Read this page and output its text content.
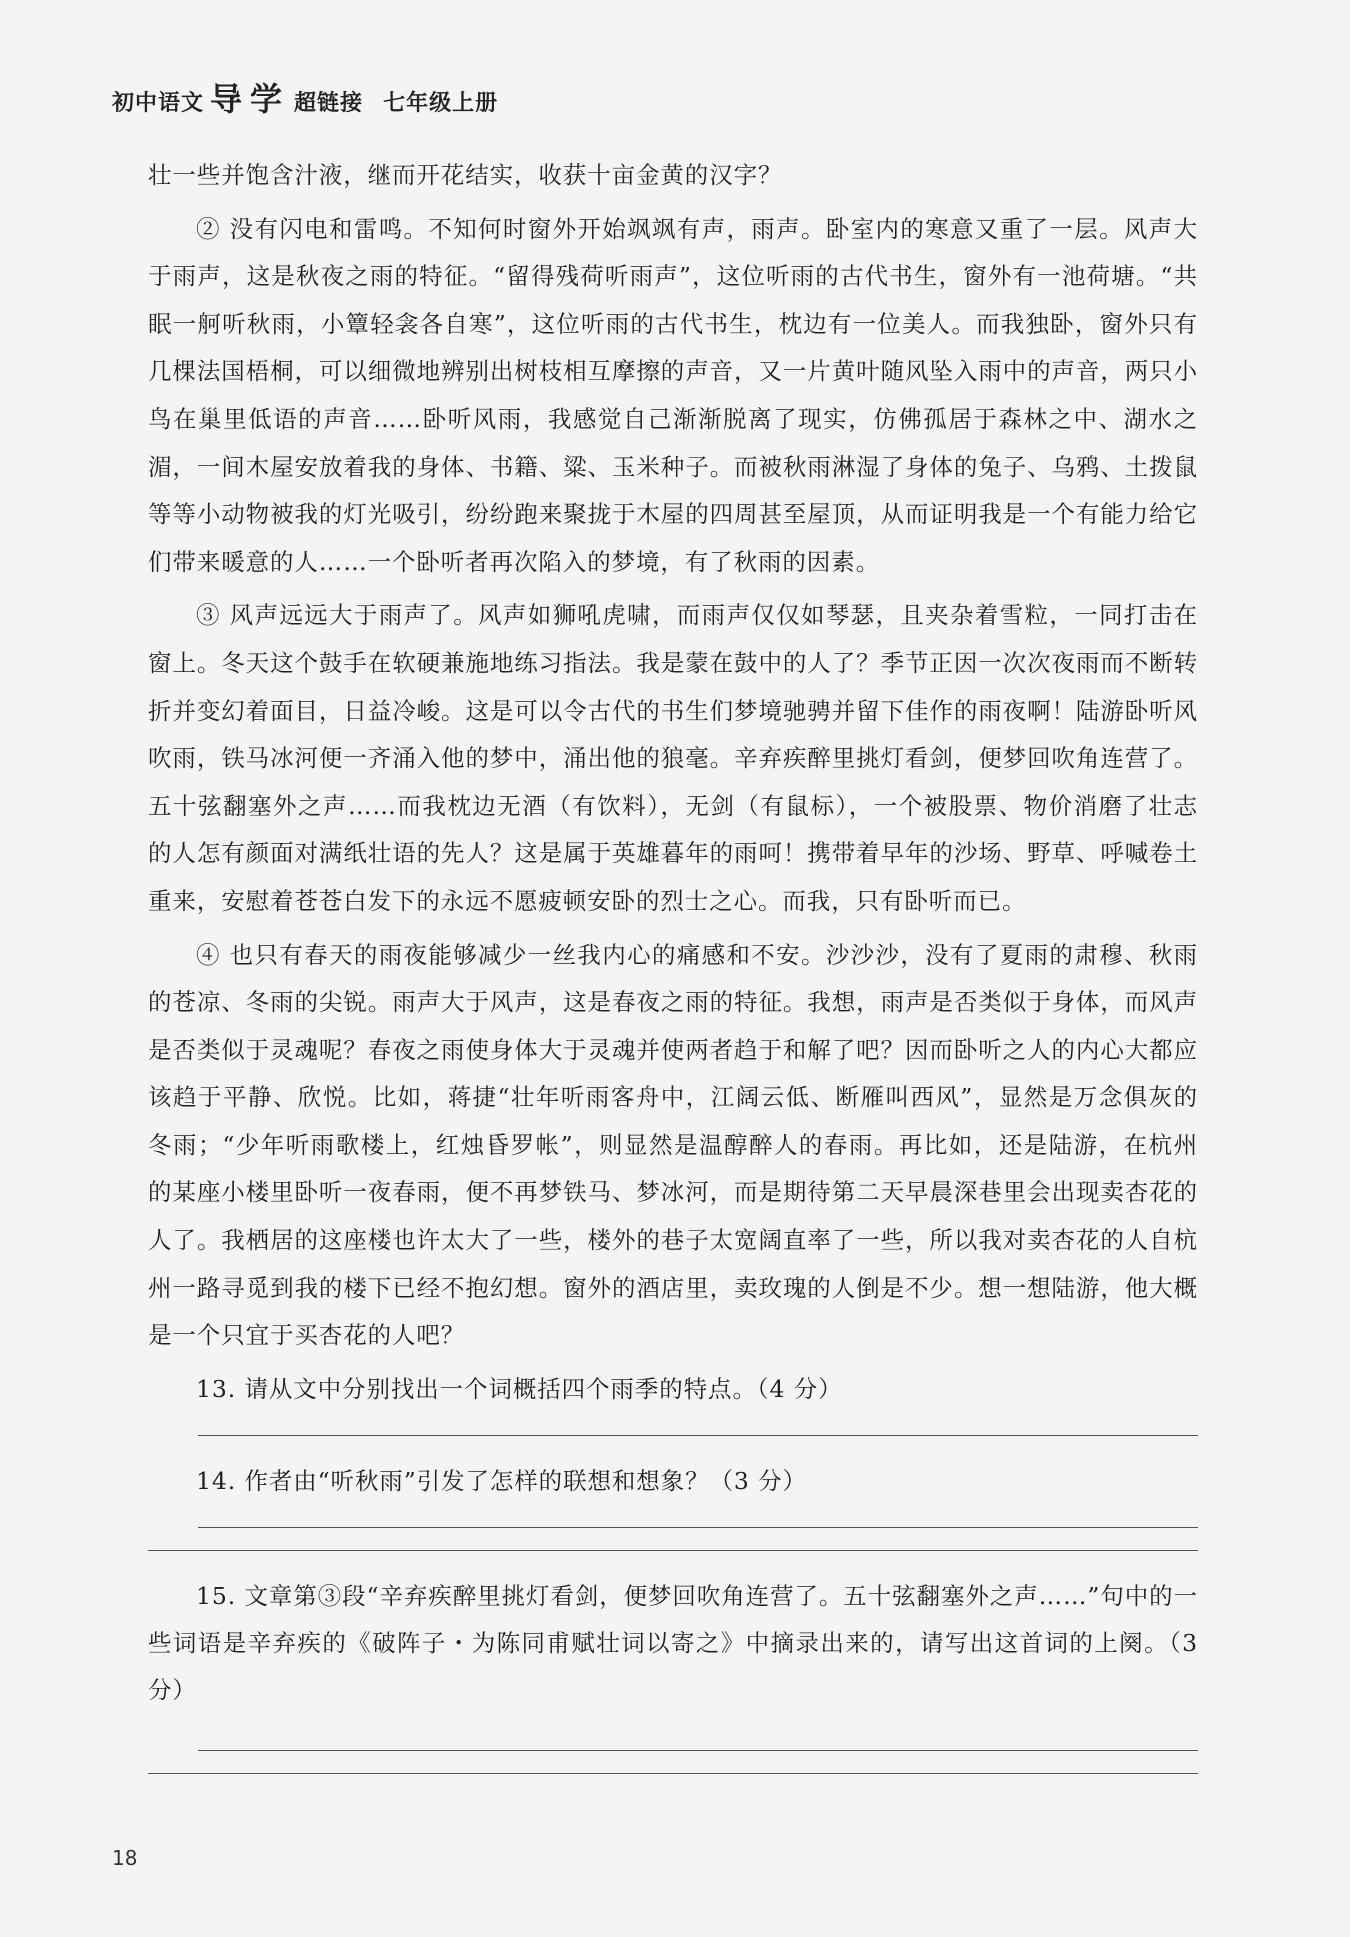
初中语文 导 学 超链接 七年级上册

壮一些并饱含汁液，继而开花结实，收获十亩金黄的汉字？

② 没有闪电和雷鸣。不知何时窗外开始飒飒有声，雨声。卧室内的寒意又重了一层。风声大于雨声，这是秋夜之雨的特征。“留得残荷听雨声”，这位听雨的古代书生，窗外有一池荷塘。“共眠一舸听秋雨，小簟轻衾各自寒”，这位听雨的古代书生，枕边有一位美人。而我独卧，窗外只有几棵法国梧桐，可以细微地辨别出树枝相互摩擦的声音，又一片黄叶随风坠入雨中的声音，两只小鸟在巢里低语的声音……卧听风雨，我感觉自己渐渐脱离了现实，仿佛孤居于森林之中、湖水之湄，一间木屋安放着我的身体、书籍、粱、玉米种子。而被秋雨淋湿了身体的兔子、乌鸦、土拨鼠等等小动物被我的灯光吸引，纷纷跑来聚拢于木屋的四周甚至屋顶，从而证明我是一个有能力给它们带来暖意的人……一个卧听者再次陷入的梦境，有了秋雨的因素。

③ 风声远远大于雨声了。风声如狮吼虎啸，而雨声仅仅如琴瑟，且夹杂着雪粒，一同打击在窗上。冬天这个鼓手在软硬兼施地练习指法。我是蒙在鼓中的人了？季节正因一次次夜雨而不断转折并变幻着面目，日益冷峻。这是可以令古代的书生们梦境驰骋并留下佳作的雨夜啊！陆游卧听风吹雨，铁马冰河便一齐涌入他的梦中，涌出他的狼毫。辛弃疾醉里挑灯看剑，便梦回吹角连营了。五十弦翻塞外之声……而我枕边无酒（有饮料），无剑（有鼠标），一个被股票、物价消磨了壮志的人怎有颜面对满纸壮语的先人？这是属于英雄暮年的雨呵！携带着早年的沙场、野草、呼喊卷土重来，安慰着苍苍白发下的永远不愿疲顿安卧的烈士之心。而我，只有卧听而已。

④ 也只有春天的雨夜能够减少一丝我内心的痛感和不安。沙沙沙，没有了夏雨的肃穆、秋雨的苍凉、冬雨的尖锐。雨声大于风声，这是春夜之雨的特征。我想，雨声是否类似于身体，而风声是否类似于灵魂呢？春夜之雨使身体大于灵魂并使两者趋于和解了吧？因而卧听之人的内心大都应该趋于平静、欣悦。比如，蒋捷“壮年听雨客舟中，江阔云低、断雁叫西风”，显然是万念俱灰的冬雨；“少年听雨歌楼上，红烛昏罗帐”，则显然是温醇醉人的春雨。再比如，还是陆游，在杭州的某座小楼里卧听一夜春雨，便不再梦铁马、梦冰河，而是期待第二天早晨深巷里会出现卖杏花的人了。我栖居的这座楼也许太大了一些，楼外的巷子太宽阔直率了一些，所以我对卖杏花的人自杭州一路寻觅到我的楼下已经不抱幻想。窗外的酒店里，卖玫瑰的人倒是不少。想一想陆游，他大概是一个只宜于买杏花的人吧？

13. 请从文中分别找出一个词概括四个雨季的特点。（4 分）

14. 作者由“听秋雨”引发了怎样的联想和想象？（3 分）

15. 文章第③段“辛弃疾醉里挑灯看剑，便梦回吹角连营了。五十弦翻塞外之声……”句中的一些词语是辛弃疾的《破阵子・为陈同甫赋壮词以寄之》中摘录出来的，请写出这首词的上阕。（3 分）

18
